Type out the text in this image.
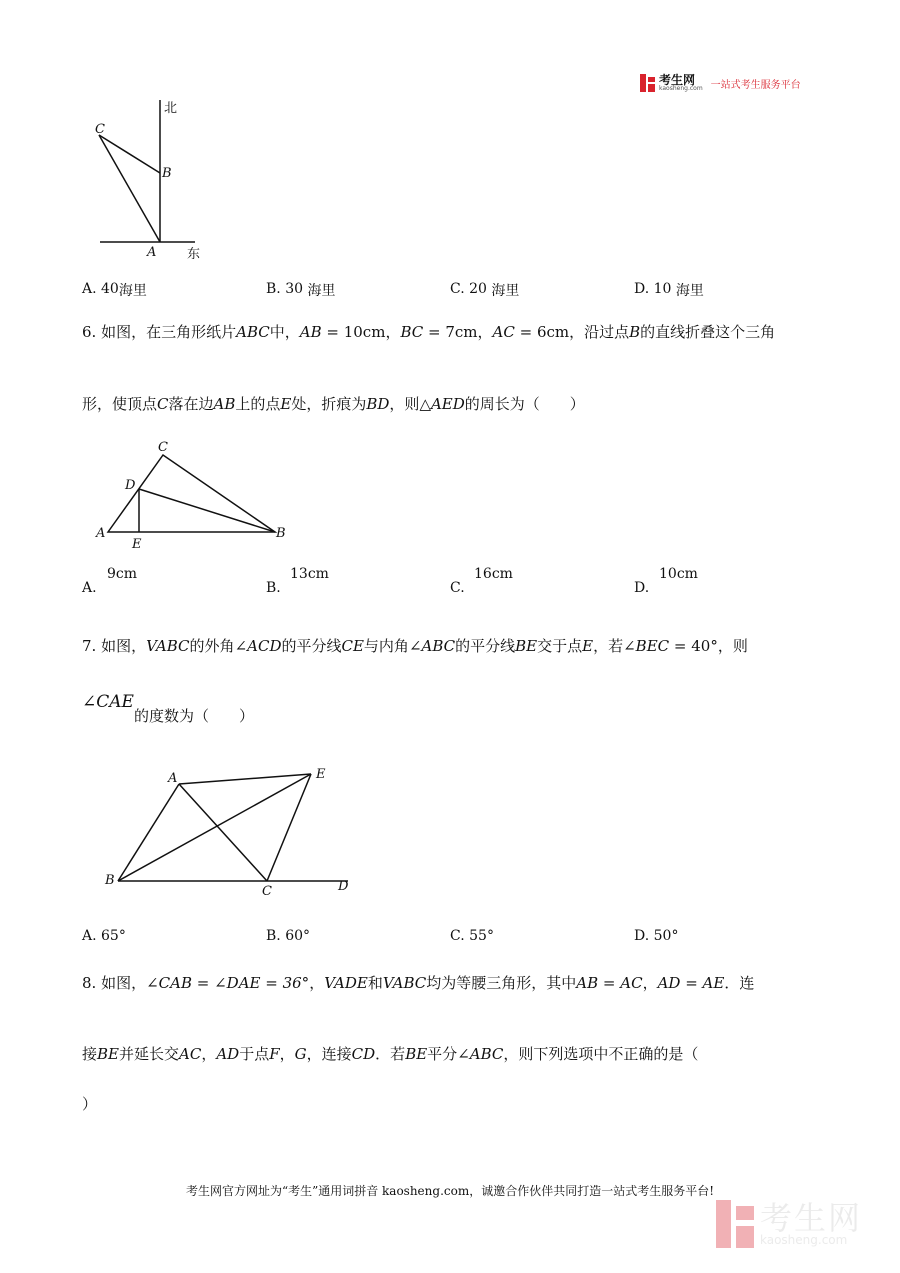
考生网
kaosheng.com 一站式考生服务平台
北
东
C
B
A
A. 40海里	B. 30 海里	C. 20 海里	D. 10 海里
6. 如图，在三角形纸片ABC中，AB = 10cm，BC = 7cm，AC = 6cm，沿过点B的直线折叠这个三角
形，使顶点C落在边AB上的点E处，折痕为BD，则△AED的周长为（　　）
A
C
D
E
B
A.
9cm
B.
13cm
C.
16cm
D.
10cm
7. 如图，VABC的外角∠ACD的平分线CE与内角∠ABC的平分线BE交于点E，若∠BEC = 40°，则
∠CAE的度数为（　　）
A	E
B
C	D
A. 65°	B. 60°	C. 55°	D. 50°
8. 如图，∠CAB = ∠DAE = 36°，VADE和VABC均为等腰三角形，其中AB = AC，AD = AE．连
接BE并延长交AC，AD于点F，G，连接CD．若BE平分∠ABC，则下列选项中不正确的是（
）
考生网官方网址为“考生”通用词拼音 kaosheng.com，诚邀合作伙伴共同打造一站式考生服务平台!
考生网
kaosheng.com
